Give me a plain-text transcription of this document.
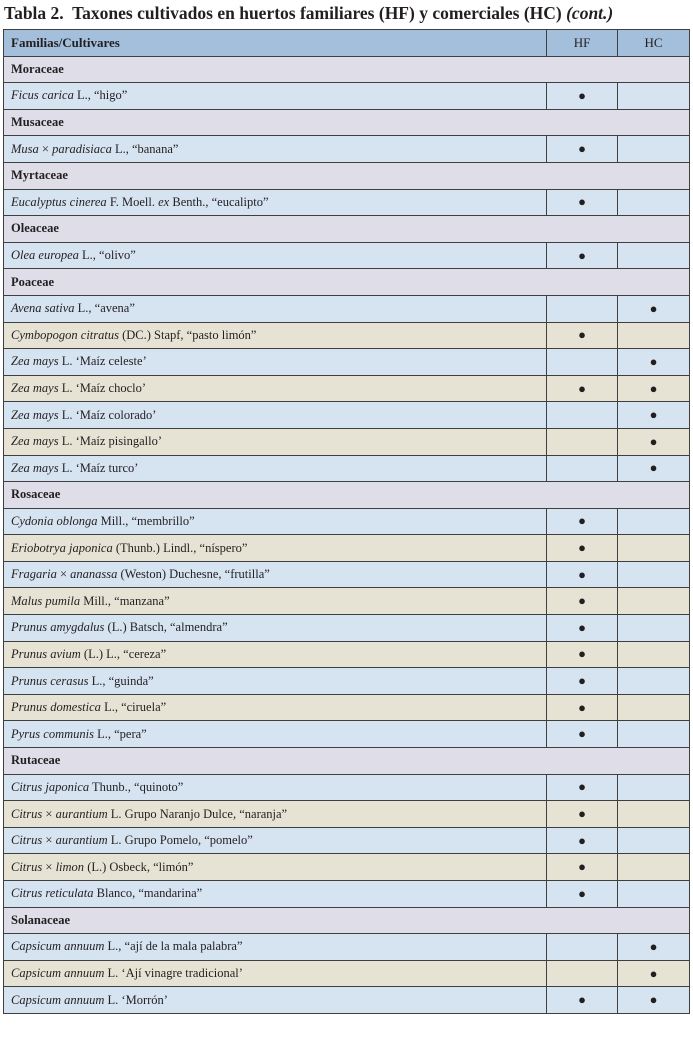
Tabla 2. Taxones cultivados en huertos familiares (HF) y comerciales (HC) (cont.)
Familias/Cultivares	HF	HC
Moraceae		
Ficus carica L., “higo”	●	
Musaceae		
Musa × paradisiaca L., “banana”	●	
Myrtaceae		
Eucalyptus cinerea F. Moell. ex Benth., “eucalipto”	●	
Oleaceae		
Olea europea L., “olivo”	●	
Poaceae		
Avena sativa L., “avena”		●
Cymbopogon citratus (DC.) Stapf, “pasto limón”	●	
Zea mays L. ‘Maíz celeste’		●
Zea mays L. ‘Maíz choclo’	●	●
Zea mays L. ‘Maíz colorado’		●
Zea mays L. ‘Maíz pisingallo’		●
Zea mays L. ‘Maíz turco’		●
Rosaceae		
Cydonia oblonga Mill., “membrillo”	●	
Eriobotrya japonica (Thunb.) Lindl., “níspero”	●	
Fragaria × ananassa (Weston) Duchesne, “frutilla”	●	
Malus pumila Mill., “manzana”	●	
Prunus amygdalus (L.) Batsch, “almendra”	●	
Prunus avium (L.) L., “cereza”	●	
Prunus cerasus L., “guinda”	●	
Prunus domestica L., “ciruela”	●	
Pyrus communis L., “pera”	●	
Rutaceae		
Citrus japonica Thunb., “quinoto”	●	
Citrus × aurantium L. Grupo Naranjo Dulce, “naranja”	●	
Citrus × aurantium L. Grupo Pomelo, “pomelo”	●	
Citrus × limon (L.) Osbeck, “limón”	●	
Citrus reticulata Blanco, “mandarina”	●	
Solanaceae		
Capsicum annuum L., “ají de la mala palabra”		●
Capsicum annuum L. ‘Ají vinagre tradicional’		●
Capsicum annuum L. ‘Morrón’	●	●
